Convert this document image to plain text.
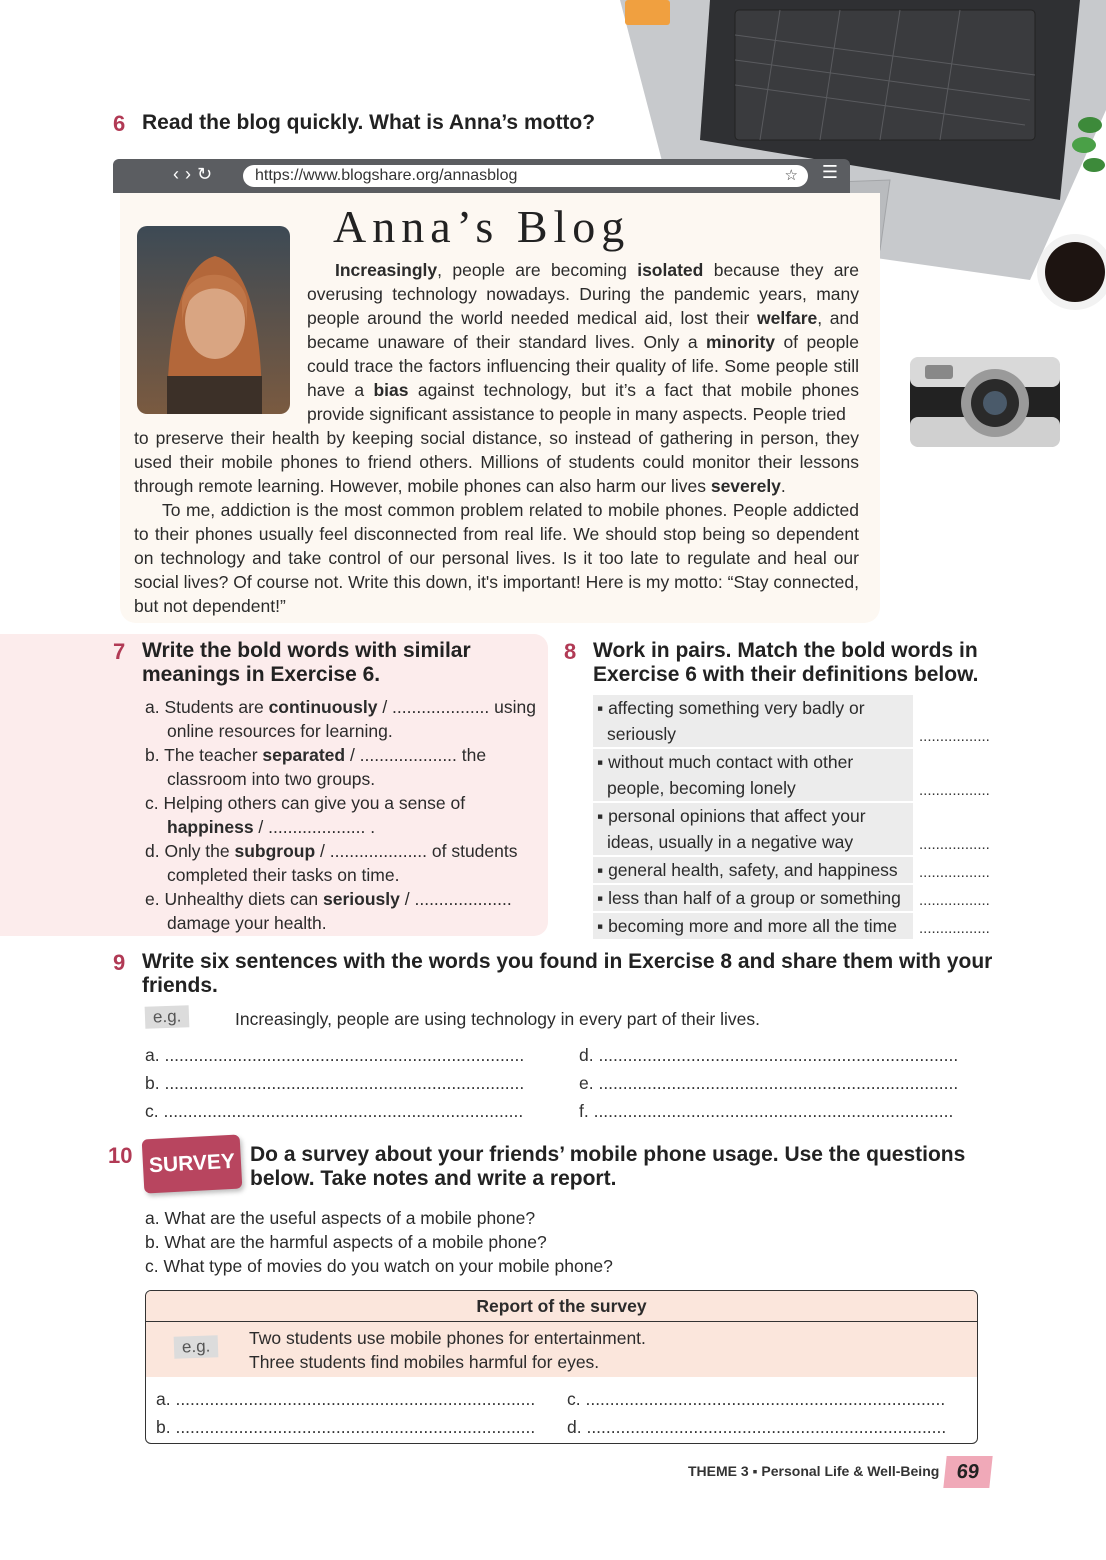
6 Read the blog quickly. What is Anna’s motto?
‹›↻	https://www.blogshare.org/annasblog	☆ ☰
Anna’s Blog
Increasingly, people are becoming isolated because they are overusing technology nowadays. During the pandemic years, many people around the world needed medical aid, lost their welfare, and became unaware of their standard lives. Only a minority of people could trace the factors influencing their quality of life. Some people still have a bias against technology, but it’s a fact that mobile phones provide significant assistance to people in many aspects. People tried
to preserve their health by keeping social distance, so instead of gathering in person, they used their mobile phones to friend others. Millions of students could monitor their lessons through remote learning. However, mobile phones can also harm our lives severely.
To me, addiction is the most common problem related to mobile phones. People addicted to their phones usually feel disconnected from real life. We should stop being so dependent on technology and take control of our personal lives. Is it too late to regulate and heal our social lives? Of course not. Write this down, it's important! Here is my motto: “Stay connected, but not dependent!”
7 Write the bold words with similar meanings in Exercise 6.
a. Students are continuously / .................... using online resources for learning.
b. The teacher separated / .................... the classroom into two groups.
c. Helping others can give you a sense of happiness / .................... .
d. Only the subgroup / .................... of students completed their tasks on time.
e. Unhealthy diets can seriously / .................... damage your health.
8 Work in pairs. Match the bold words in Exercise 6 with their definitions below.
▪ affecting something very badly or
seriously	.................
▪ without much contact with other
people, becoming lonely	.................
▪ personal opinions that affect your
ideas, usually in a negative way	.................
▪ general health, safety, and happiness	.................
▪ less than half of a group or something	.................
▪ becoming more and more all the time	.................
9 Write six sentences with the words you found in Exercise 8 and share them with your friends.
e.g.	Increasingly, people are using technology in every part of their lives.
a. ..........................................................................
b. ..........................................................................
c. ..........................................................................
d. ..........................................................................
e. ..........................................................................
f. ..........................................................................
10 SURVEY Do a survey about your friends’ mobile phone usage. Use the questions below. Take notes and write a report.
a. What are the useful aspects of a mobile phone?
b. What are the harmful aspects of a mobile phone?
c. What type of movies do you watch on your mobile phone?
Report of the survey
e.g.	Two students use mobile phones for entertainment.
Three students find mobiles harmful for eyes.
a. ..........................................................................
b. ..........................................................................
c. ..........................................................................
d. ..........................................................................
THEME 3 ▪ Personal Life & Well-Being 69
